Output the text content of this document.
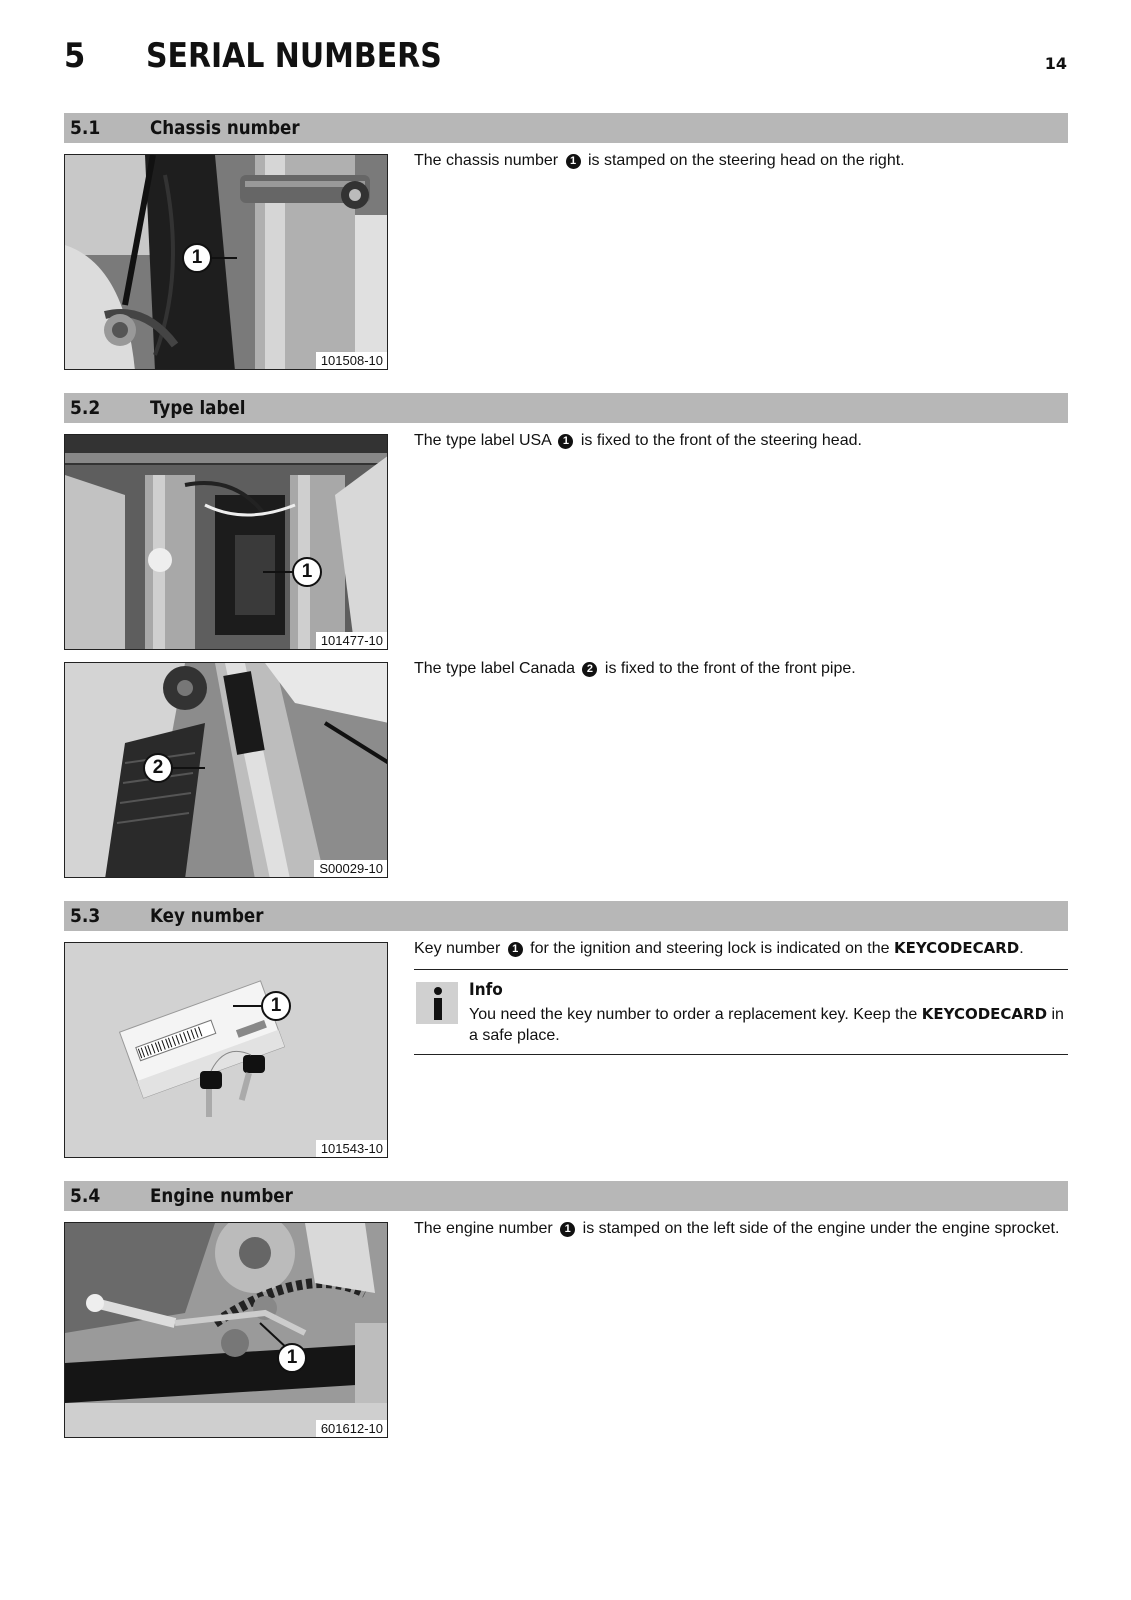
5 SERIAL NUMBERS	14
5.1	Chassis number
1
101508-10
The chassis number 1 is stamped on the steering head on the right.
5.2	Type label
1
101477-10
The type label USA 1 is fixed to the front of the steering head.
2
S00029-10
The type label Canada 2 is fixed to the front of the front pipe.
5.3	Key number
1
101543-10
Key number 1 for the ignition and steering lock is indicated on the KEYCODECARD.
Info
You need the key number to order a replacement key. Keep the KEYCODECARD in a safe place.
5.4	Engine number
1
601612-10
The engine number 1 is stamped on the left side of the engine under the engine sprocket.
